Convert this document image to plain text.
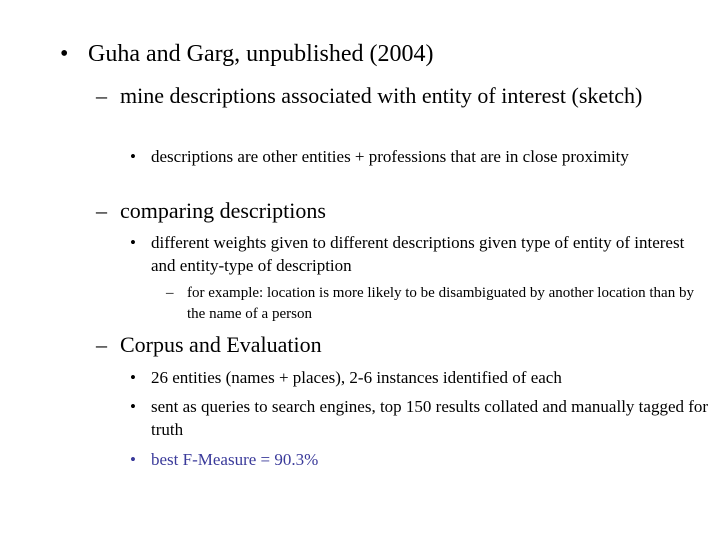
• Guha and Garg, unpublished (2004)
– mine descriptions associated with entity of interest (sketch)
• descriptions are other entities + professions that are in close proximity
– comparing descriptions
• different weights given to different descriptions given type of entity of interest and entity-type of description
– for example: location is more likely to be disambiguated by another location than by the name of a person
– Corpus and Evaluation
• 26 entities (names + places), 2-6 instances identified of each
• sent as queries to search engines, top 150 results collated and manually tagged for truth
• best F-Measure = 90.3%
